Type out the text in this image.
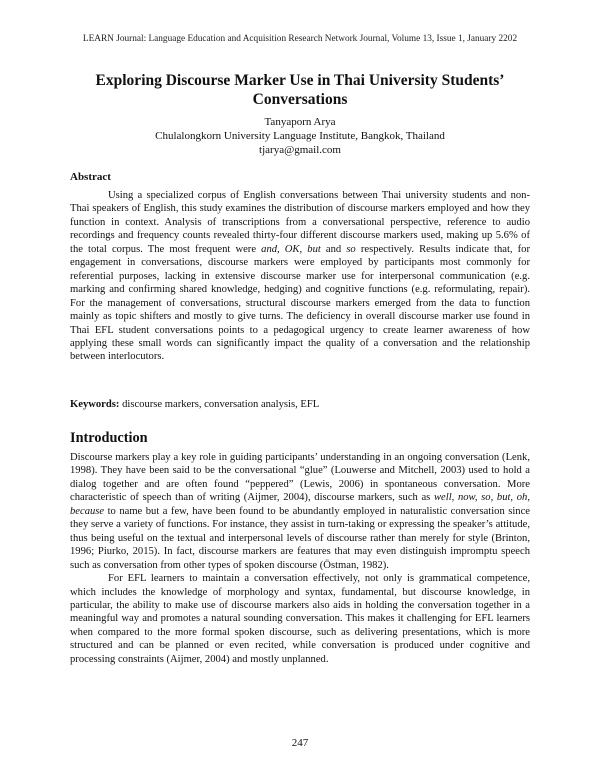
LEARN Journal: Language Education and Acquisition Research Network Journal, Volume 13, Issue 1, January 2202
Exploring Discourse Marker Use in Thai University Students’
Conversations
Tanyaporn Arya
Chulalongkorn University Language Institute, Bangkok, Thailand
tjarya@gmail.com
Abstract

Using a specialized corpus of English conversations between Thai university students and non-Thai speakers of English, this study examines the distribution of discourse markers employed and how they function in context. Analysis of transcriptions from a conversational perspective, reference to audio recordings and frequency counts revealed thirty-four different discourse markers used, making up 5.6% of the total corpus. The most frequent were and, OK, but and so respectively. Results indicate that, for engagement in conversations, discourse markers were employed by participants most commonly for referential purposes, lacking in extensive discourse marker use for interpersonal communication (e.g. marking and confirming shared knowledge, hedging) and cognitive functions (e.g. reformulating, repair). For the management of conversations, structural discourse markers emerged from the data to function mainly as topic shifters and mostly to give turns. The deficiency in overall discourse marker use found in Thai EFL student conversations points to a pedagogical urgency to create learner awareness of how applying these small words can significantly impact the quality of a conversation and the relationship between interlocutors.

Keywords: discourse markers, conversation analysis, EFL
Introduction

Discourse markers play a key role in guiding participants’ understanding in an ongoing conversation (Lenk, 1998). They have been said to be the conversational “glue” (Louwerse and Mitchell, 2003) used to hold a dialog together and are often found “peppered” (Lewis, 2006) in spontaneous conversation. More characteristic of speech than of writing (Aijmer, 2004), discourse markers, such as well, now, so, but, oh, because to name but a few, have been found to be abundantly employed in naturalistic conversation since they serve a variety of functions. For instance, they assist in turn-taking or expressing the speaker’s attitude, thus being useful on the textual and interpersonal levels of discourse rather than merely for style (Brinton, 1996; Piurko, 2015). In fact, discourse markers are features that may even distinguish impromptu speech such as conversation from other types of spoken discourse (Östman, 1982).

For EFL learners to maintain a conversation effectively, not only is grammatical competence, which includes the knowledge of morphology and syntax, fundamental, but discourse knowledge, in particular, the ability to make use of discourse markers also aids in holding the conversation together in a meaningful way and promotes a natural sounding conversation. This makes it challenging for EFL learners when compared to the more formal spoken discourse, such as delivering presentations, which is more structured and can be planned or even recited, while conversation is produced under cognitive and processing constraints (Aijmer, 2004) and mostly unplanned.

247
